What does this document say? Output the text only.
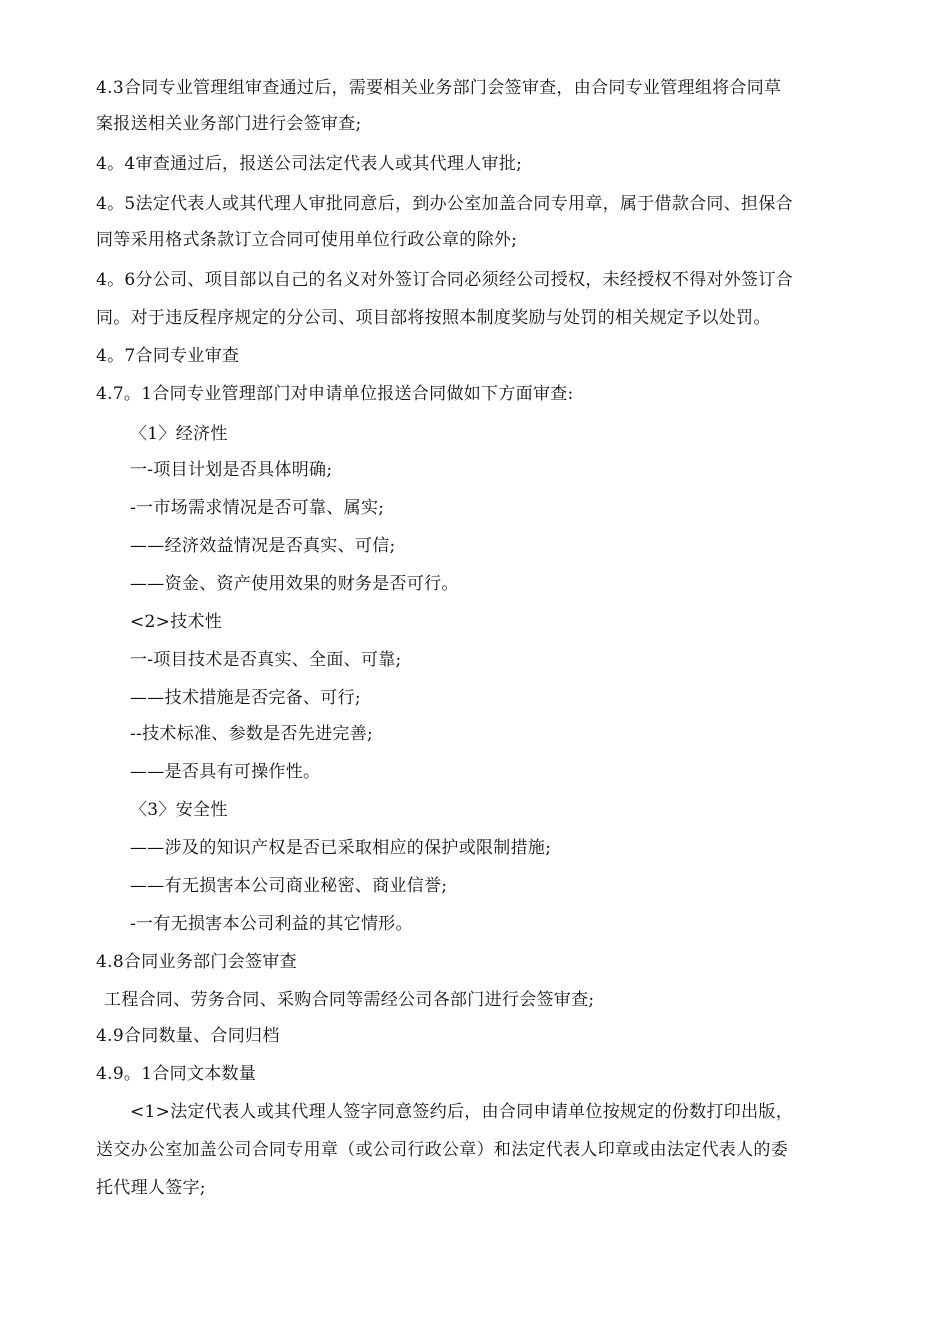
4.3合同专业管理组审查通过后，需要相关业务部门会签审查，由合同专业管理组将合同草
案报送相关业务部门进行会签审查;
4。4审查通过后，报送公司法定代表人或其代理人审批;
4。5法定代表人或其代理人审批同意后，到办公室加盖合同专用章，属于借款合同、担保合
同等采用格式条款订立合同可使用单位行政公章的除外;
4。6分公司、项目部以自己的名义对外签订合同必须经公司授权，未经授权不得对外签订合
同。对于违反程序规定的分公司、项目部将按照本制度奖励与处罚的相关规定予以处罚。
4。7合同专业审查
4.7。1合同专业管理部门对申请单位报送合同做如下方面审查:
〈1〉经济性
一-项目计划是否具体明确;
-一市场需求情况是否可靠、属实;
——经济效益情况是否真实、可信;
——资金、资产使用效果的财务是否可行。
<2>技术性
一-项目技术是否真实、全面、可靠;
——技术措施是否完备、可行;
--技术标准、参数是否先进完善;
——是否具有可操作性。
〈3〉安全性
——涉及的知识产权是否已采取相应的保护或限制措施;
——有无损害本公司商业秘密、商业信誉;
-一有无损害本公司利益的其它情形。
4.8合同业务部门会签审查
工程合同、劳务合同、采购合同等需经公司各部门进行会签审查;
4.9合同数量、合同归档
4.9。1合同文本数量
<1>法定代表人或其代理人签字同意签约后，由合同申请单位按规定的份数打印出版，
送交办公室加盖公司合同专用章（或公司行政公章）和法定代表人印章或由法定代表人的委
托代理人签字;
